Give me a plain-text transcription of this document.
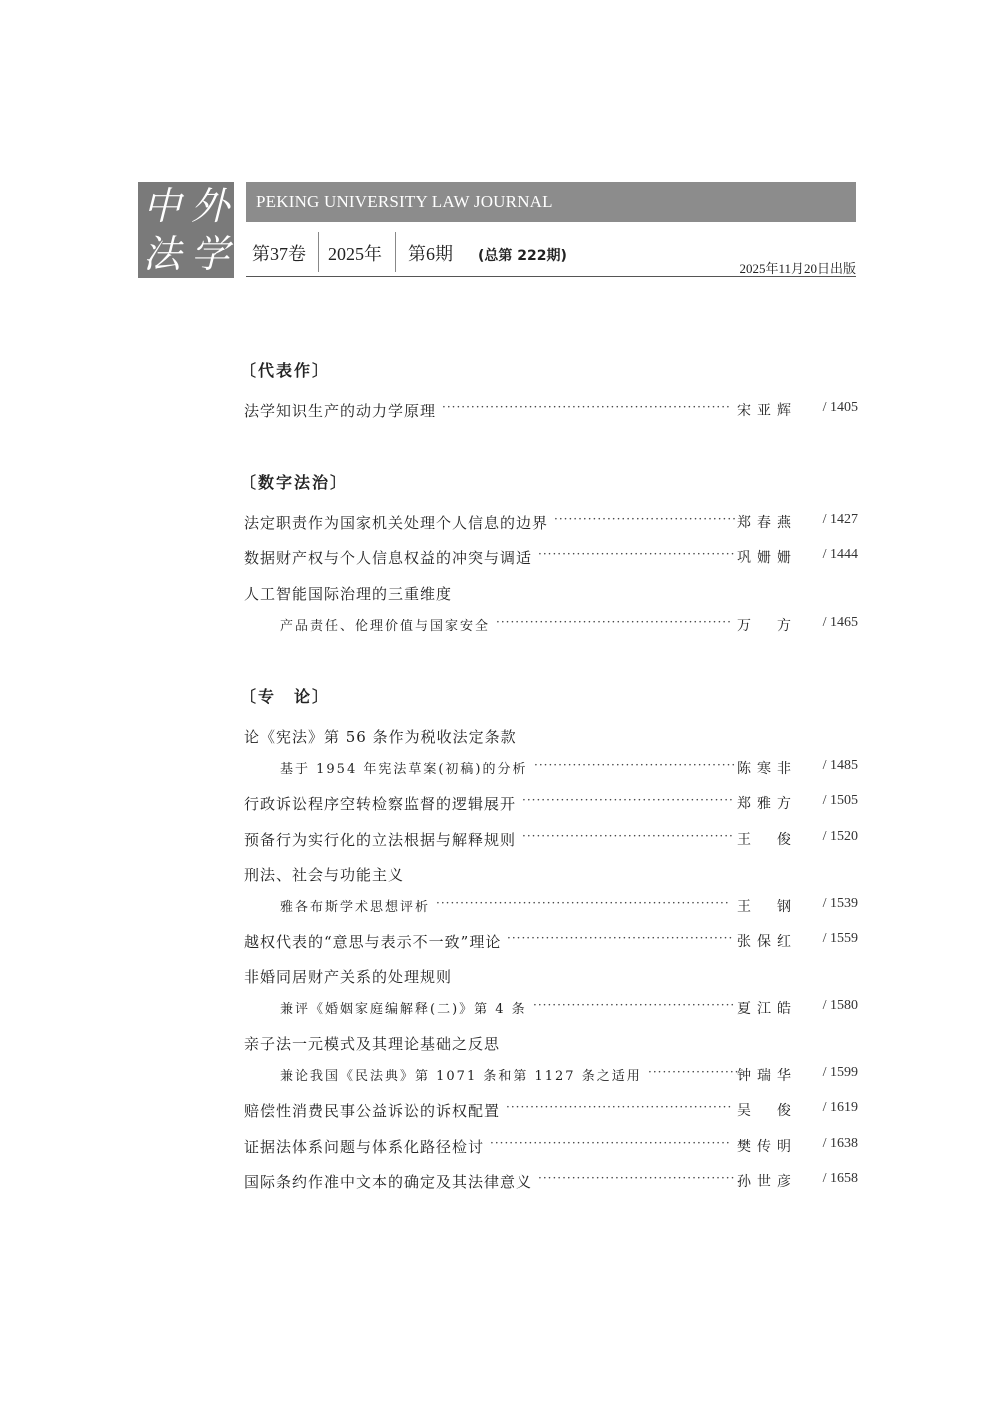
中 外
法 学
PEKING UNIVERSITY LAW JOURNAL
第37卷 2025年 第6期 (总第 222期)
2025年11月20日出版
〔代表作〕
〔数字法治〕
〔专　论〕
法学知识生产的动力学原理 ···························································· 宋亚辉 / 1405
法定职责作为国家机关处理个人信息的边界 ······································ 郑春燕 / 1427
数据财产权与个人信息权益的冲突与调适 ········································· 巩姗姗 / 1444
人工智能国际治理的三重维度
产品责任、伦理价值与国家安全 ················································· 万　方 / 1465
论《宪法》第 56 条作为税收法定条款
基于 1954 年宪法草案(初稿)的分析 ·········································· 陈寒非 / 1485
行政诉讼程序空转检察监督的逻辑展开 ············································ 郑雅方 / 1505
预备行为实行化的立法根据与解释规则 ············································ 王　俊 / 1520
刑法、社会与功能主义
雅各布斯学术思想评析 ····························································· 王　钢 / 1539
越权代表的“意思与表示不一致”理论 ··············································· 张保红 / 1559
非婚同居财产关系的处理规则
兼评《婚姻家庭编解释(二)》第 4 条 ·········································· 夏江皓 / 1580
亲子法一元模式及其理论基础之反思
兼论我国《民法典》第 1071 条和第 1127 条之适用 ···················
钟瑞华 / 1599
赔偿性消费民事公益诉讼的诉权配置 ··············································· 吴　俊 / 1619
证据法体系问题与体系化路径检讨 ·················································· 樊传明 / 1638
国际条约作准中文本的确定及其法律意义 ········································· 孙世彦 / 1658
